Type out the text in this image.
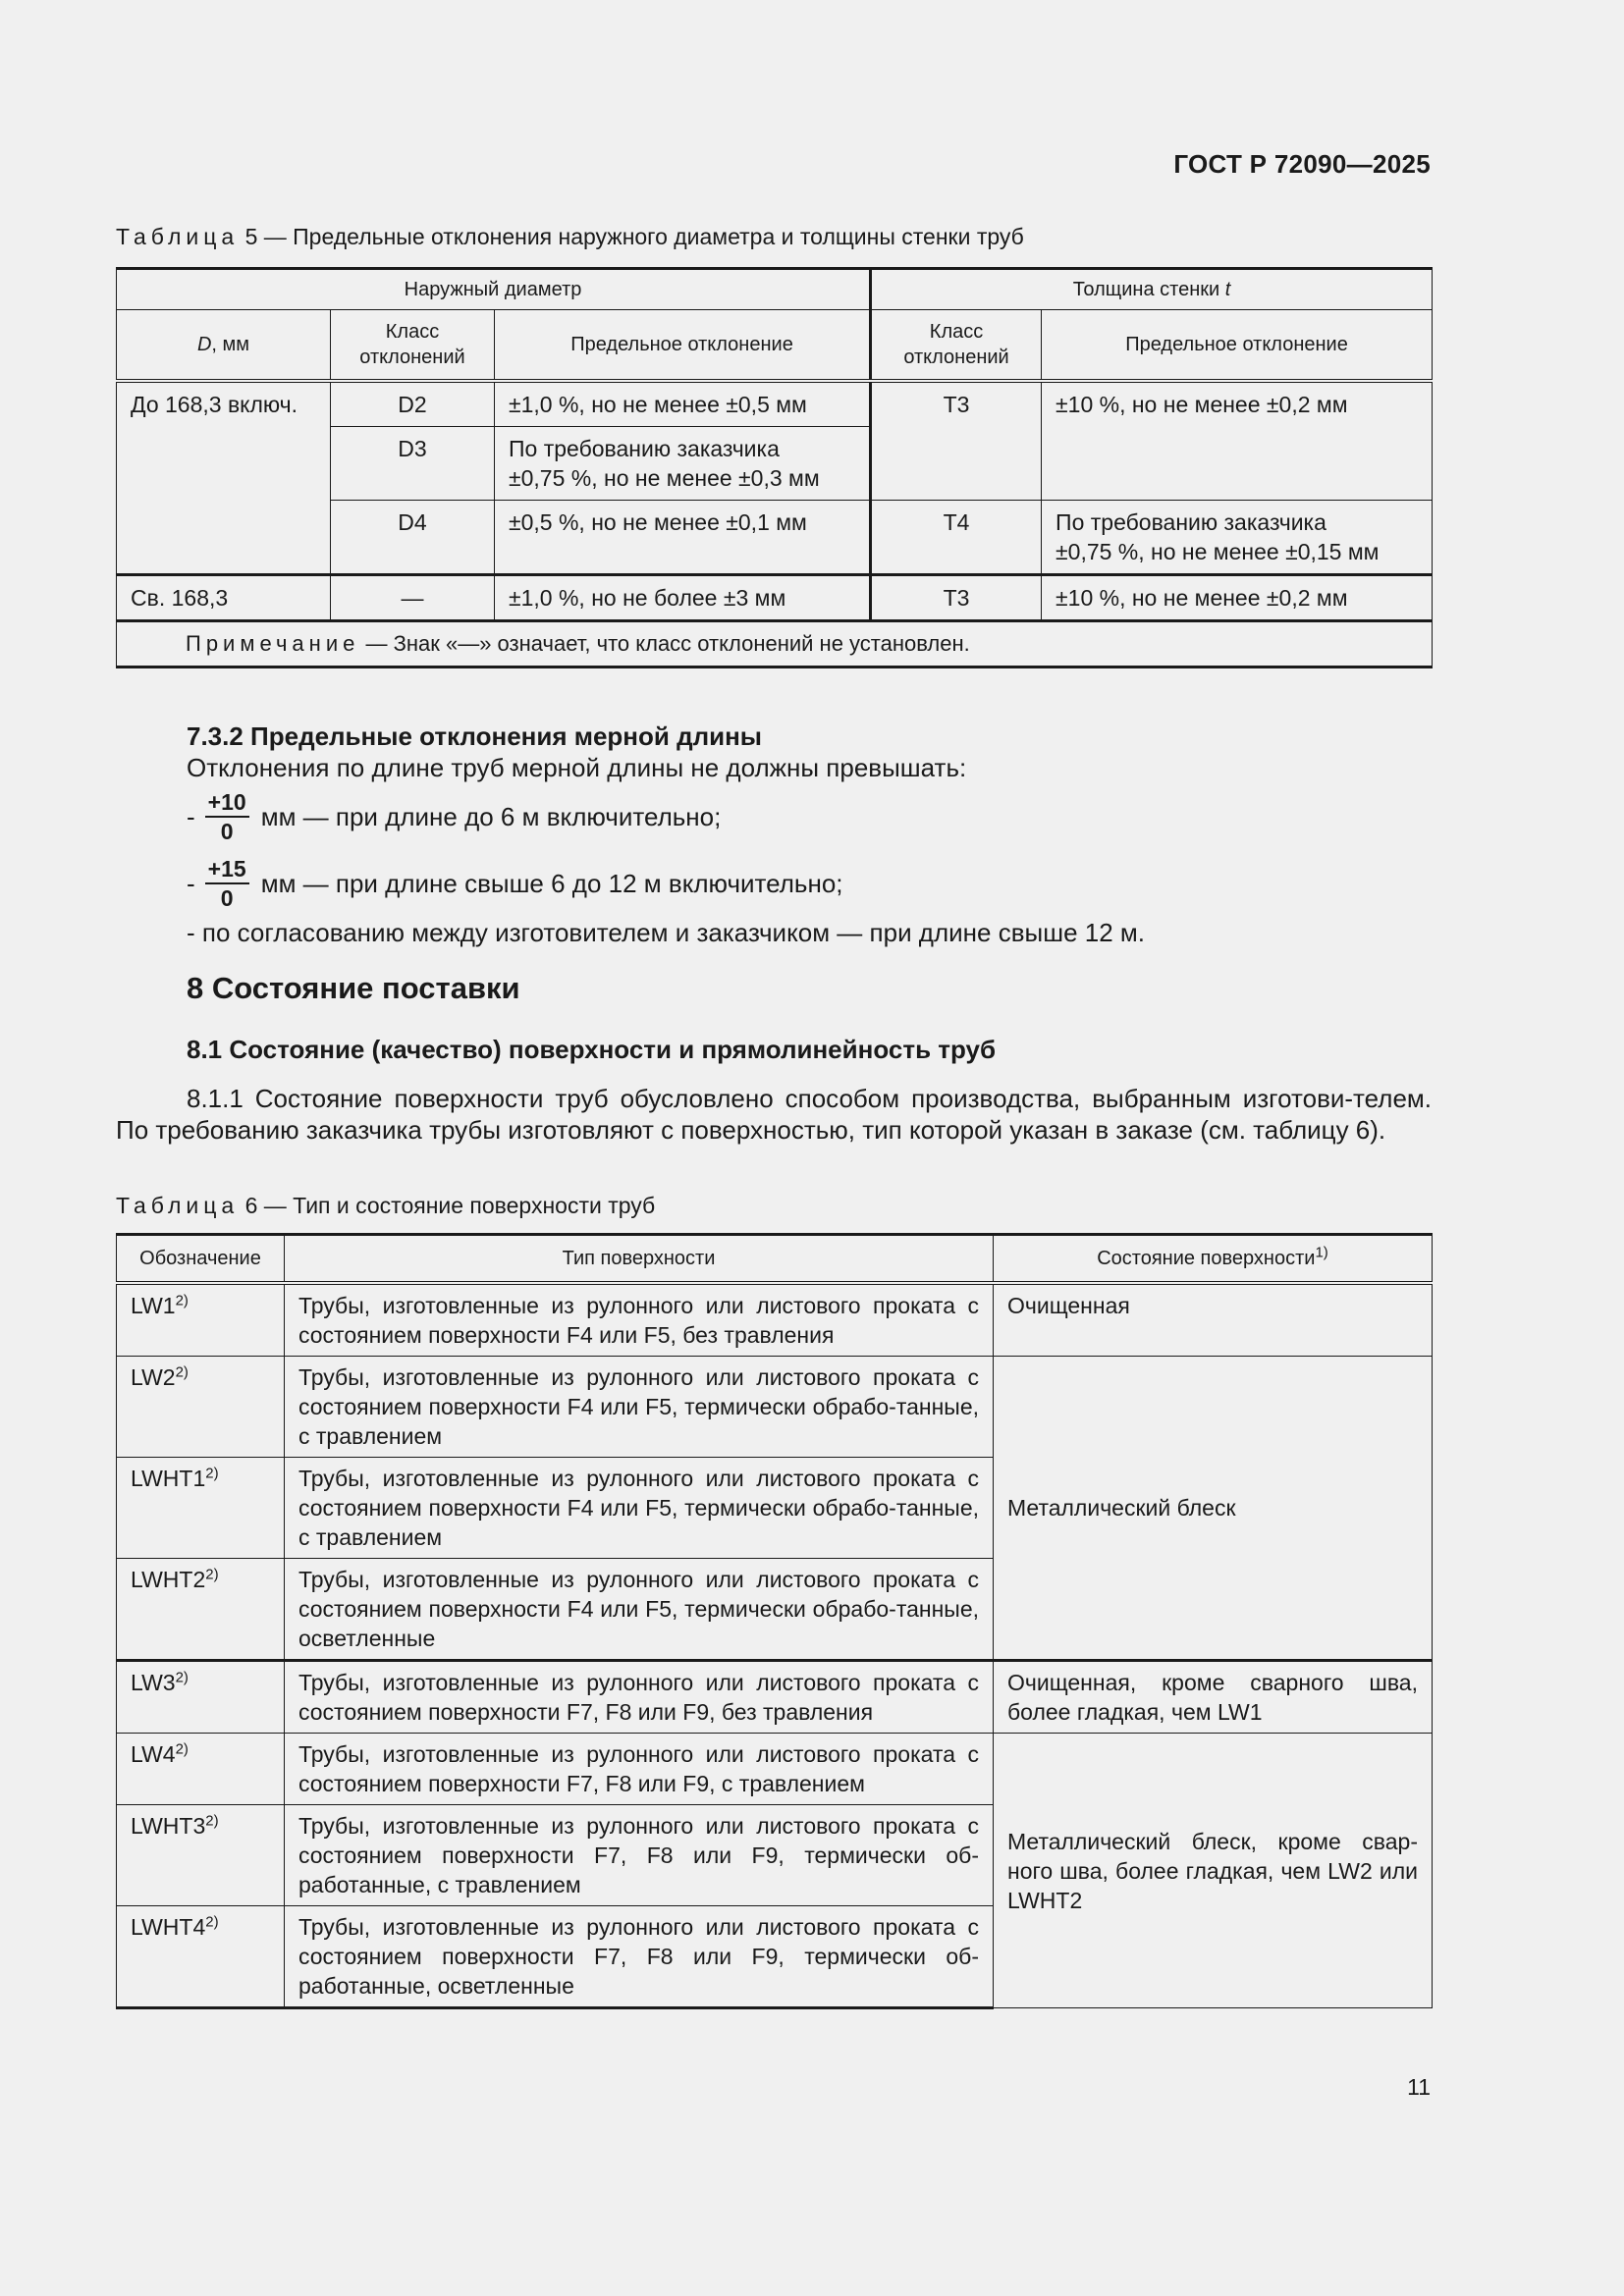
ГОСТ Р 72090—2025
Таблица 5 — Предельные отклонения наружного диаметра и толщины стенки труб
Наружный диаметр			Толщина стенки t	
D, мм	Класс отклонений	Предельное отклонение	Класс отклонений	Предельное отклонение
До 168,3 включ.	D2	±1,0 %, но не менее ±0,5 мм	T3	±10 %, но не менее ±0,2 мм
	D3	По требованию заказчика
±0,75 %, но не менее ±0,3 мм		

	D4	±0,5 %, но не менее ±0,1 мм	T4	По требованию заказчика
±0,75 %, но не менее ±0,15 мм

Св. 168,3	—	±1,0 %, но не более ±3 мм	T3	±10 %, но не менее ±0,2 мм
Примечание — Знак «—» означает, что класс отклонений не установлен.				
7.3.2 Предельные отклонения мерной длины
Отклонения по длине труб мерной длины не должны превышать:
- $\frac{+10}{0}$ мм — при длине до 6 м включительно;
- $\frac{+15}{0}$ мм — при длине свыше 6 до 12 м включительно;
- по согласованию между изготовителем и заказчиком — при длине свыше 12 м.
8 Состояние поставки
8.1 Состояние (качество) поверхности и прямолинейность труб
8.1.1 Состояние поверхности труб обусловлено способом производства, выбранным изготови-телем. По требованию заказчика трубы изготовляют с поверхностью, тип которой указан в заказе (см. таблицу 6).
Таблица 6 — Тип и состояние поверхности труб
Обозначение	Тип поверхности	Состояние поверхности$^{1)}$
LW1$^{2)}$	Трубы, изготовленные из рулонного или листового проката с состоянием поверхности F4 или F5, без травления	Очищенная
LW2$^{2)}$	Трубы, изготовленные из рулонного или листового проката с состоянием поверхности F4 или F5, термически обрабо-танные, с травлением	Металлический блеск
LWHT1$^{2)}$	Трубы, изготовленные из рулонного или листового проката с состоянием поверхности F4 или F5, термически обрабо-танные, с травлением	
LWHT2$^{2)}$	Трубы, изготовленные из рулонного или листового проката с состоянием поверхности F4 или F5, термически обрабо-танные, осветленные	
LW3$^{2)}$	Трубы, изготовленные из рулонного или листового проката с состоянием поверхности F7, F8 или F9, без травления	Очищенная, кроме сварного шва, более гладкая, чем LW1
LW4$^{2)}$	Трубы, изготовленные из рулонного или листового проката с состоянием поверхности F7, F8 или F9, с травлением	Металлический блеск, кроме свар-ного шва, более гладкая, чем LW2 или LWHT2
LWHT3$^{2)}$	Трубы, изготовленные из рулонного или листового проката с состоянием поверхности F7, F8 или F9, термически об-работанные, с травлением	
LWHT4$^{2)}$	Трубы, изготовленные из рулонного или листового проката с состоянием поверхности F7, F8 или F9, термически об-работанные, осветленные	
11
